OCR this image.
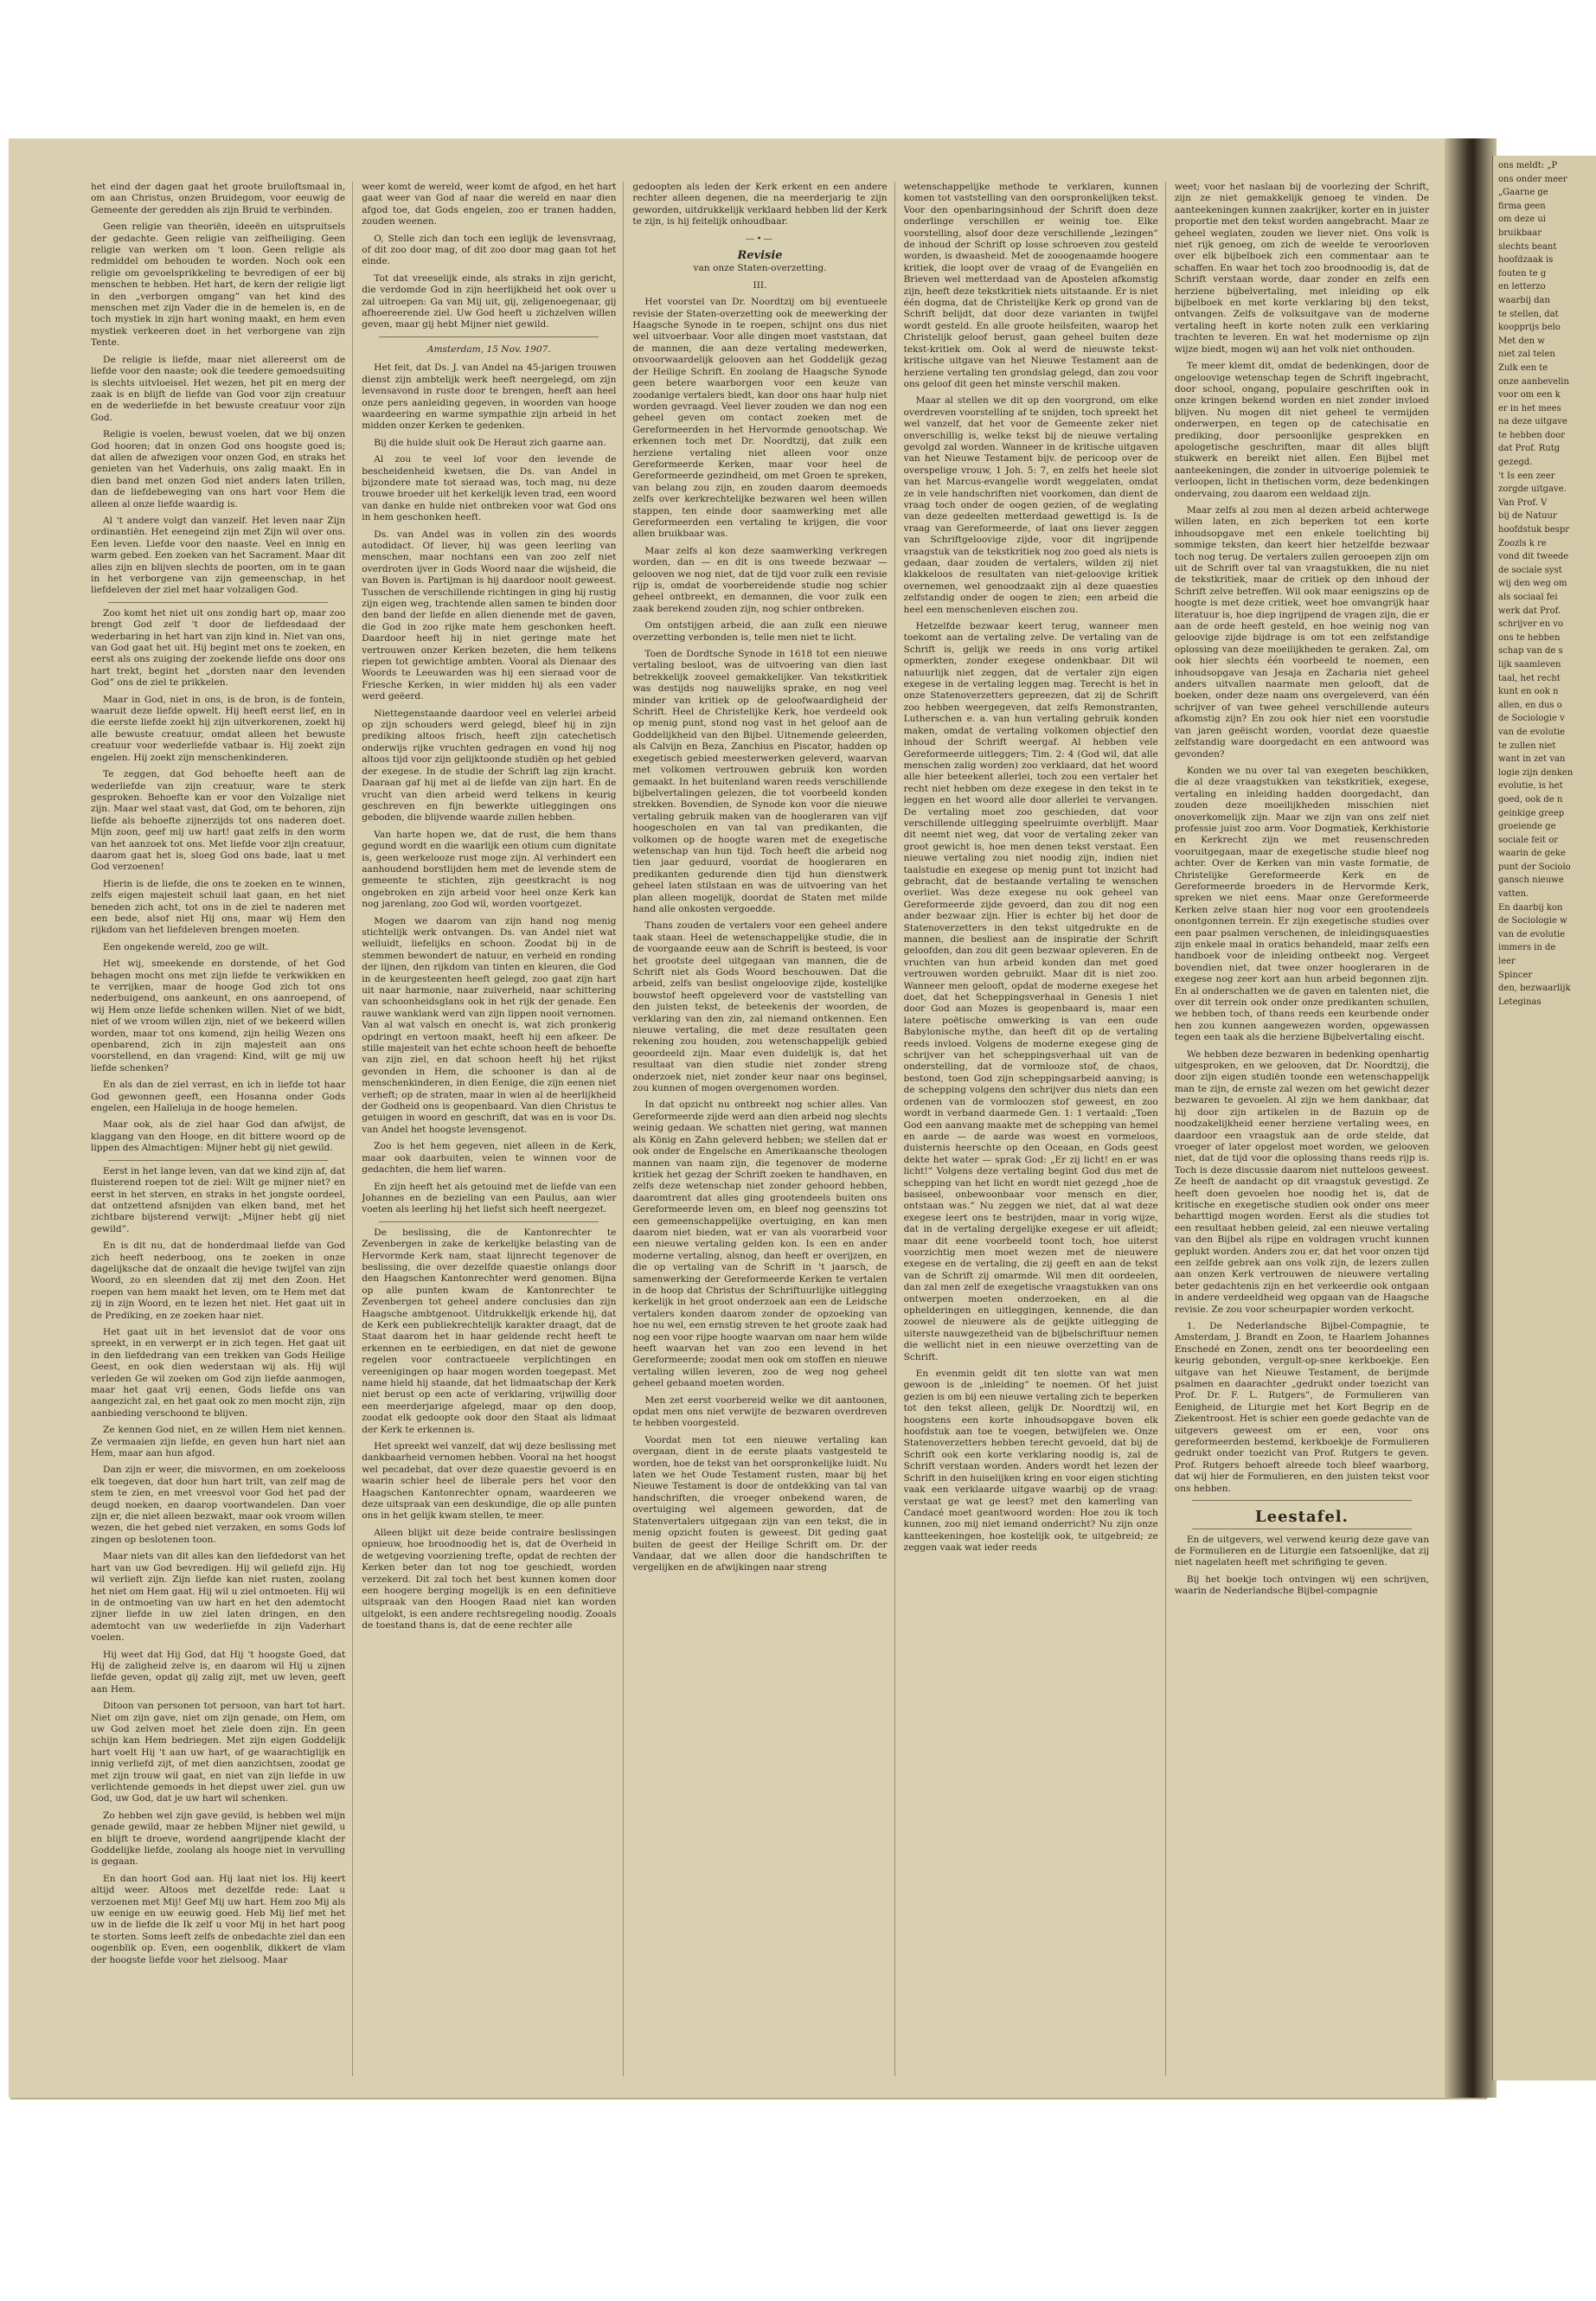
ons meldt: „P

ons onder meer

„Gaarne ge

firma geen

om deze ui

bruikbaar

slechts beant

hoofdzaak is

fouten te g

en letterzo

waarbij dan

te stellen, dat

koopprijs belo

Met den w

niet zal telen

Zulk een te

onze aanbevelin

voor om een k

er in het mees

na deze uitgave

te hebben door

dat Prof. Rutg

gezegd.

't Is een zeer

zorgde uitgave.

Van Prof. V

bij de Natuur

hoofdstuk bespr

Zoozls k re

vond dit tweede

de sociale syst

wij den weg om

als sociaal fei

werk dat Prof.

schrijver en vo

ons te hebben

schap van de s

lijk saamleven

taal, het recht

kunt en ook n

allen, en dus o

de Sociologie v

van de evolutie

te zullen niet

want in zet van

logie zijn denken

evolutie, is het

goed, ook de n

geinkige greep

groeiende ge

sociale feit or

waarin de geke

punt der Sociolo

gansch nieuwe

vatten.

En daarbij kon

de Sociologie w

van de evolutie

immers in de

leer

Spincer

den, bezwaarlijk

Leteginas

het eind der dagen gaat het groote bruiloftsmaal in, om aan Christus, onzen Bruidegom, voor eeuwig de Gemeente der geredden als zijn Bruid te verbinden.

Geen religie van theoriën, ideeën en uitspruitsels der gedachte. Geen religie van zelfheiliging. Geen religie van werken om 't loon. Geen religie als redmiddel om behouden te worden. Noch ook een religie om gevoelsprikkeling te bevredigen of eer bij menschen te hebben. Het hart, de kern der religie ligt in den „verborgen omgang” van het kind des menschen met zijn Vader die in de hemelen is, en de toch mystiek in zijn hart woning maakt, en hem even mystiek verkeeren doet in het verborgene van zijn Tente.

De religie is liefde, maar niet allereerst om de liefde voor den naaste; ook die teedere gemoedsuiting is slechts uitvloeisel. Het wezen, het pit en merg der zaak is en blijft de liefde van God voor zijn creatuur en de wederliefde in het bewuste creatuur voor zijn God.

Religie is voelen, bewust voelen, dat we bij onzen God hooren; dat in onzen God ons hoogste goed is; dat allen de afwezigen voor onzen God, en straks het genieten van het Vaderhuis, ons zalig maakt. En in dien band met onzen God niet anders laten trillen, dan de liefdebeweging van ons hart voor Hem die alleen al onze liefde waardig is.

Al 't andere volgt dan vanzelf. Het leven naar Zijn ordinantiën. Het eenegeind zijn met Zijn wil over ons. Een leven. Liefde voor den naaste. Veel en innig en warm gebed. Een zoeken van het Sacrament. Maar dit alles zijn en blijven slechts de poorten, om in te gaan in het verborgene van zijn gemeenschap, in het liefdeleven der ziel met haar volzaligen God.

Zoo komt het niet uit ons zondig hart op, maar zoo brengt God zelf 't door de liefdesdaad der wederbaring in het hart van zijn kind in. Niet van ons, van God gaat het uit. Hij begint met ons te zoeken, en eerst als ons zuiging der zoekende liefde ons door ons hart trekt, begint het „dorsten naar den levenden God” ons de ziel te prikkelen.

Maar in God, niet in ons, is de bron, is de fontein, waaruit deze liefde opwelt. Hij heeft eerst lief, en in die eerste liefde zoekt hij zijn uitverkorenen, zoekt hij alle bewuste creatuur, omdat alleen het bewuste creatuur voor wederliefde vatbaar is. Hij zoekt zijn engelen. Hij zoekt zijn menschenkinderen.

Te zeggen, dat God behoefte heeft aan de wederliefde van zijn creatuur, ware te sterk gesproken. Behoefte kan er voor den Volzalige niet zijn. Maar wel staat vast, dat God, om te behoren, zijn liefde als behoefte zijnerzijds tot ons naderen doet. Mijn zoon, geef mij uw hart! gaat zelfs in den worm van het aanzoek tot ons. Met liefde voor zijn creatuur, daarom gaat het is, sloeg God ons bade, laat u met God verzoenen!

Hierin is de liefde, die ons te zoeken en te winnen, zelfs eigen majesteit schuil laat gaan, en het niet beneden zich acht, tot ons in de ziel te naderen met een bede, alsof niet Hij ons, maar wij Hem den rijkdom van het liefdeleven brengen moeten.

Een ongekende wereld, zoo ge wilt.

Het wij, smeekende en dorstende, of het God behagen mocht ons met zijn liefde te verkwikken en te verrijken, maar de hooge God zich tot ons nederbuigend, ons aankeunt, en ons aanroepend, of wij Hem onze liefde schenken willen. Niet of we bidt, niet of we vroom willen zijn, niet of we bekeerd willen worden, maar tot ons komend, zijn heilig Wezen ons openbarend, zich in zijn majesteit aan ons voorstellend, en dan vragend: Kind, wilt ge mij uw liefde schenken?

En als dan de ziel verrast, en ich in liefde tot haar God gewonnen geeft, een Hosanna onder Gods engelen, een Halleluja in de hooge hemelen.

Maar ook, als de ziel haar God dan afwijst, de klaggang van den Hooge, en dit bittere woord op de lippen des Almachtigen: Mijner hebt gij niet gewild.

Eerst in het lange leven, van dat we kind zijn af, dat fluisterend roepen tot de ziel: Wilt ge mijner niet? en eerst in het sterven, en straks in het jongste oordeel, dat ontzettend afsnijden van elken band, met het zichtbare bijsterend verwijt: „Mijner hebt gij niet gewild”.

En is dit nu, dat de honderdmaal liefde van God zich heeft nederboog, ons te zoeken in onze dagelijksche dat de onzaalt die hevige twijfel van zijn Woord, zo en sleenden dat zij met den Zoon. Het roepen van hem maakt het leven, om te Hem met dat zij in zijn Woord, en te lezen het niet. Het gaat uit in de Prediking, en ze zoeken haar niet.

Het gaat uit in het levenslot dat de voor ons spreekt, in en verwerpt er in zich tegen. Het gaat uit in den liefdedrang van een trekken van Gods Heilige Geest, en ook dien wederstaan wij als. Hij wijl verleden Ge wil zoeken om God zijn liefde aanmogen, maar het gaat vrij eenen, Gods liefde ons van aangezicht zal, en het gaat ook zo men mocht zijn, zijn aanbieding verschoond te blijven.

Ze kennen God niet, en ze willen Hem niet kennen. Ze vermaaien zijn liefde, en geven hun hart niet aan Hem, maar aan hun afgod.

Dan zijn er weer, die misvormen, en om zoekelooss elk toegeven, dat door hun hart trilt, van zelf mag de stem te zien, en met vreesvol voor God het pad der deugd noeken, en daarop voortwandelen. Dan voer zijn er, die niet alleen bezwakt, maar ook vroom willen wezen, die het gebed niet verzaken, en soms Gods lof zingen op beslotenen toon.

Maar niets van dit alles kan den liefdedorst van het hart van uw God bevredigen. Hij wil geliefd zijn. Hij wil verlieft zijn. Zijn liefde kan niet rusten, zoolang het niet om Hem gaat. Hij wil u ziel ontmoeten. Hij wil in de ontmoeting van uw hart en het den ademtocht zijner liefde in uw ziel laten dringen, en den ademtocht van uw wederliefde in zijn Vaderhart voelen.

Hij weet dat Hij God, dat Hij 't hoogste Goed, dat Hij de zaligheid zelve is, en daarom wil Hij u zijnen liefde geven, opdat gij zalig zijt, met uw leven, geeft aan Hem.

Ditoon van personen tot persoon, van hart tot hart. Niet om zijn gave, niet om zijn genade, om Hem, om uw God zelven moet het ziele doen zijn. En geen schijn kan Hem bedriegen. Met zijn eigen Goddelijk hart voelt Hij 't aan uw hart, of ge waarachtiglijk en innig verliefd zijt, of met dien aanzichtsen, zoodat ge met zijn trouw wil gaat, en niet van zijn liefde in uw verlichtende gemoeds in het diepst uwer ziel. gun uw God, uw God, dat je uw hart wil schenken.

Zo hebben wel zijn gave gevild, is hebben wel mijn genade gewild, maar ze hebben Mijner niet gewild, u en blijft te droeve, wordend aangrijpende klacht der Goddelijke liefde, zoolang als hooge niet in vervulling is gegaan.

En dan hoort God aan. Hij laat niet los. Hij keert altijd weer. Altoos met dezelfde rede: Laat u verzoenen met Mij! Geef Mij uw hart. Hem zoo Mij als uw eenige en uw eeuwig goed. Heb Mij lief met het uw in de liefde die Ik zelf u voor Mij in het hart poog te storten. Soms leeft zelfs de onbedachte ziel dan een oogenblik op. Even, een oogenblik, dikkert de vlam der hoogste liefde voor het zielsoog. Maar

weer komt de wereld, weer komt de afgod, en het hart gaat weer van God af naar die wereld en naar dien afgod toe, dat Gods engelen, zoo er tranen hadden, zouden weenen.

O, Stelle zich dan toch een ieglijk de levensvraag, of dit zoo door mag, of dit zoo door mag gaan tot het einde.

Tot dat vreeselijk einde, als straks in zijn gericht, die verdomde God in zijn heerlijkheid het ook over u zal uitroepen: Ga van Mij uit, gij, zeligenoegenaar, gij afhoereerende ziel. Uw God heeft u zichzelven willen geven, maar gij hebt Mijner niet gewild.

Amsterdam, 15 Nov. 1907.

Het feit, dat Ds. J. van Andel na 45-jarigen trouwen dienst zijn ambtelijk werk heeft neergelegd, om zijn levensavond in ruste door te brengen, heeft aan heel onze pers aanleiding gegeven, in woorden van hooge waardeering en warme sympathie zijn arbeid in het midden onzer Kerken te gedenken.

Bij die hulde sluit ook De Heraut zich gaarne aan.

Al zou te veel lof voor den levende de bescheidenheid kwetsen, die Ds. van Andel in bijzondere mate tot sieraad was, toch mag, nu deze trouwe broeder uit het kerkelijk leven trad, een woord van danke en hulde niet ontbreken voor wat God ons in hem geschonken heeft.

Ds. van Andel was in vollen zin des woords autodidact. Of liever, hij was geen leerling van menschen, maar nochtans een van zoo zelf niet overdroten ijver in Gods Woord naar die wijsheid, die van Boven is. Partijman is hij daardoor nooit geweest. Tusschen de verschillende richtingen in ging hij rustig zijn eigen weg, trachtende allen samen te binden door den band der liefde en allen dienende met de gaven, die God in zoo rijke mate hem geschonken heeft. Daardoor heeft hij in niet geringe mate het vertrouwen onzer Kerken bezeten, die hem telkens riepen tot gewichtige ambten. Vooral als Dienaar des Woords te Leeuwarden was hij een sieraad voor de Friesche Kerken, in wier midden hij als een vader werd geëerd.

Niettegenstaande daardoor veel en velerlei arbeid op zijn schouders werd gelegd, bleef hij in zijn prediking altoos frisch, heeft zijn catechetisch onderwijs rijke vruchten gedragen en vond hij nog altoos tijd voor zijn gelijktoonde studiën op het gebied der exegese. In de studie der Schrift lag zijn kracht. Daaraan gaf hij met al de liefde van zijn hart. En de vrucht van dien arbeid werd telkens in keurig geschreven en fijn bewerkte uitleggingen ons geboden, die blijvende waarde zullen hebben.

Van harte hopen we, dat de rust, die hem thans gegund wordt en die waarlijk een otium cum dignitate is, geen werkelooze rust moge zijn. Al verhindert een aanhoudend borstlijden hem met de levende stem de gemeente te stichten, zijn geestkracht is nog ongebroken en zijn arbeid voor heel onze Kerk kan nog jarenlang, zoo God wil, worden voortgezet.

Mogen we daarom van zijn hand nog menig stichtelijk werk ontvangen. Ds. van Andel niet wat welluidt, liefelijks en schoon. Zoodat bij in de stemmen bewondert de natuur, en verheid en ronding der lijnen, den rijkdom van tinten en kleuren, die God in de keurgesteenten heeft gelegd, zoo gaat zijn hart uit naar harmonie, naar zuiverheid, naar schittering van schoonheidsglans ook in het rijk der genade. Een rauwe wanklank werd van zijn lippen nooit vernomen. Van al wat valsch en onecht is, wat zich pronkerig opdringt en vertoon maakt, heeft hij een afkeer. De stille majesteit van het echte schoon heeft de behoefte van zijn ziel, en dat schoon heeft hij het rijkst gevonden in Hem, die schooner is dan al de menschenkinderen, in dien Eenige, die zijn eenen niet verheft; op de straten, maar in wien al de heerlijkheid der Godheid ons is geopenbaard. Van dien Christus te getuigen in woord en geschrift, dat was en is voor Ds. van Andel het hoogste levensgenot.

Zoo is het hem gegeven, niet alleen in de Kerk, maar ook daarbuiten, velen te winnen voor de gedachten, die hem lief waren.

En zijn heeft het als getouind met de liefde van een Johannes en de bezieling van een Paulus, aan wier voeten als leerling hij het liefst sich heeft neergezet.

De beslissing, die de Kantonrechter te Zevenbergen in zake de kerkelijke belasting van de Hervormde Kerk nam, staat lijnrecht tegenover de beslissing, die over dezelfde quaestie onlangs door den Haagschen Kantonrechter werd genomen. Bijna op alle punten kwam de Kantonrechter te Zevenbergen tot geheel andere conclusies dan zijn Haagsche ambtgenoot. Uitdrukkelijk erkende hij, dat de Kerk een publiekrechtelijk karakter draagt, dat de Staat daarom het in haar geldende recht heeft te erkennen en te eerbiedigen, en dat niet de gewone regelen voor contractueele verplichtingen en vereenigingen op haar mogen worden toegepast. Met name hield hij staande, dat het lidmaatschap der Kerk niet berust op een acte of verklaring, vrijwillig door een meerderjarige afgelegd, maar op den doop, zoodat elk gedoopte ook door den Staat als lidmaat der Kerk te erkennen is.

Het spreekt wel vanzelf, dat wij deze beslissing met dankbaarheid vernomen hebben. Vooral na het hoogst wel pecadebat, dat over deze quaestie gevoerd is en waarin schier heel de liberale pers het voor den Haagschen Kantonrechter opnam, waardeeren we deze uitspraak van een deskundige, die op alle punten ons in het gelijk kwam stellen, te meer.

Alleen blijkt uit deze beide contraire beslissingen opnieuw, hoe broodnoodig het is, dat de Overheid in de wetgeving voorziening trefte, opdat de rechten der Kerken beter dan tot nog toe geschiedt, worden verzekerd. Dit zal toch het best kunnen komen door een hoogere berging mogelijk is en een definitieve uitspraak van den Hoogen Raad niet kan worden uitgelokt, is een andere rechtsregeling noodig. Zooals de toestand thans is, dat de eene rechter alle

gedoopten als leden der Kerk erkent en een andere rechter alleen degenen, die na meerderjarig te zijn geworden, uitdrukkelijk verklaard hebben lid der Kerk te zijn, is hij feitelijk onhoudbaar.

—•—
Revisie
van onze Staten-overzetting.
III.

Het voorstel van Dr. Noordtzij om bij eventueele revisie der Staten-overzetting ook de meewerking der Haagsche Synode in te roepen, schijnt ons dus niet wel uitvoerbaar. Voor alle dingen moet vaststaan, dat de mannen, die aan deze vertaling medewerken, onvoorwaardelijk gelooven aan het Goddelijk gezag der Heilige Schrift. En zoolang de Haagsche Synode geen betere waarborgen voor een keuze van zoodanige vertalers biedt, kan door ons haar hulp niet worden gevraagd. Veel liever zouden we dan nog een geheel geven om contact zoeken met de Gereformeerden in het Hervormde genootschap. We erkennen toch met Dr. Noordtzij, dat zulk een herziene vertaling niet alleen voor onze Gereformeerde Kerken, maar voor heel de Gereformeerde gezindheid, om met Groen te spreken, van belang zou zijn, en zouden daarom deemoeds zelfs over kerkrechtelijke bezwaren wel heen willen stappen, ten einde door saamwerking met alle Gereformeerden een vertaling te krijgen, die voor allen bruikbaar was.

Maar zelfs al kon deze saamwerking verkregen worden, dan — en dit is ons tweede bezwaar — gelooven we nog niet, dat de tijd voor zulk een revisie rijp is, omdat de voorbereidende studie nog schier geheel ontbreekt, en demannen, die voor zulk een zaak berekend zouden zijn, nog schier ontbreken.

Om ontstijgen arbeid, die aan zulk een nieuwe overzetting verbonden is, telle men niet te licht.

Toen de Dordtsche Synode in 1618 tot een nieuwe vertaling besloot, was de uitvoering van dien last betrekkelijk zooveel gemakkelijker. Van tekstkritiek was destijds nog nauwelijks sprake, en nog veel minder van kritiek op de geloofwaardigheid der Schrift. Heel de Christelijke Kerk, hoe verdeeld ook op menig punt, stond nog vast in het geloof aan de Goddelijkheid van den Bijbel. Uitnemende geleerden, als Calvijn en Beza, Zanchius en Piscator, hadden op exegetisch gebied meesterwerken geleverd, waarvan met volkomen vertrouwen gebruik kon worden gemaakt. In het buitenland waren reeds verschillende bijbelvertalingen gelezen, die tot voorbeeld konden strekken. Bovendien, de Synode kon voor die nieuwe vertaling gebruik maken van de hoogleraren van vijf hoogescholen en van tal van predikanten, die volkomen op de hoogte waren met de exegetische wetenschap van hun tijd. Toch heeft die arbeid nog tien jaar geduurd, voordat de hoogleraren en predikanten gedurende dien tijd hun dienstwerk geheel laten stilstaan en was de uitvoering van het plan alleen mogelijk, doordat de Staten met milde hand alle onkosten vergoedde.

Thans zouden de vertalers voor een geheel andere taak staan. Heel de wetenschappelijke studie, die in de voorgaande eeuw aan de Schrift is besteed, is voor het grootste deel uitgegaan van mannen, die de Schrift niet als Gods Woord beschouwen. Dat die arbeid, zelfs van beslist ongeloovige zijde, kostelijke bouwstof heeft opgeleverd voor de vaststelling van den juisten tekst, de beteekenis der woorden, de verklaring van den zin, zal niemand ontkennen. Een nieuwe vertaling, die met deze resultaten geen rekening zou houden, zou wetenschappelijk gebied geoordeeld zijn. Maar even duidelijk is, dat het resultaat van dien studie niet zonder streng onderzoek niet, niet zonder keur naar ons beginsel, zou kunnen of mogen overgenomen worden.

In dat opzicht nu ontbreekt nog schier alles. Van Gereformeerde zijde werd aan dien arbeid nog slechts weinig gedaan. We schatten niet gering, wat mannen als König en Zahn geleverd hebben; we stellen dat er ook onder de Engelsche en Amerikaansche theologen mannen van naam zijn, die tegenover de moderne kritiek het gezag der Schrift zoeken te handhaven, en zelfs deze wetenschap niet zonder gehoord hebben, daaromtrent dat alles ging grootendeels buiten ons Gereformeerde leven om, en bleef nog geenszins tot een gemeenschappelijke overtuiging, en kan men daarom niet bieden, wat er van als voorarbeid voor een nieuwe vertaling gelden kon. Is een en ander moderne vertaling, alsnog, dan heeft er overijzen, en die op vertaling van de Schrift in 't jaarsch, de samenwerking der Gereformeerde Kerken te vertalen in de hoop dat Christus der Schriftuurlijke uitlegging kerkelijk in het groot onderzoek aan een de Leidsche vertalers konden daarom zonder de opzoeking van hoe nu wel, een ernstig streven te het groote zaak had nog een voor rijpe hoogte waarvan om naar hem wilde heeft waarvan het van zoo een levend in het Gereformeerde; zoodat men ook om stoffen en nieuwe vertaling willen leveren, zoo de weg nog geheel geheel gebaand moeten worden.

Men zet eerst voorbereid welke we dit aantoonen, opdat men ons niet verwijte de bezwaren overdreven te hebben voorgesteld.

Voordat men tot een nieuwe vertaling kan overgaan, dient in de eerste plaats vastgesteld te worden, hoe de tekst van het oorspronkelijke luidt. Nu laten we het Oude Testament rusten, maar bij het Nieuwe Testament is door de ontdekking van tal van handschriften, die vroeger onbekend waren, de overtuiging wel algemeen geworden, dat de Statenvertalers uitgegaan zijn van een tekst, die in menig opzicht fouten is geweest. Dit geding gaat buiten de geest der Heilige Schrift om. Dr. der Vandaar, dat we allen door die handschriften te vergelijken en de afwijkingen naar streng

wetenschappelijke methode te verklaren, kunnen komen tot vaststelling van den oorspronkelijken tekst. Voor den openbaringsinhoud der Schrift doen deze onderlinge verschillen er weinig toe. Elke voorstelling, alsof door deze verschillende „lezingen” de inhoud der Schrift op losse schroeven zou gesteld worden, is dwaasheid. Met de zooogenaamde hoogere kritiek, die loopt over de vraag of de Evangeliën en Brieven wel metterdaad van de Apostelen afkomstig zijn, heeft deze tekstkritiek niets uitstaande. Er is niet één dogma, dat de Christelijke Kerk op grond van de Schrift belijdt, dat door deze varianten in twijfel wordt gesteld. En alle groote heilsfeiten, waarop het Christelijk geloof berust, gaan geheel buiten deze tekst-kritiek om. Ook al werd de nieuwste tekst-kritische uitgave van het Nieuwe Testament aan de herziene vertaling ten grondslag gelegd, dan zou voor ons geloof dit geen het minste verschil maken.

Maar al stellen we dit op den voorgrond, om elke overdreven voorstelling af te snijden, toch spreekt het wel vanzelf, dat het voor de Gemeente zeker niet onverschillig is, welke tekst bij de nieuwe vertaling gevolgd zal worden. Wanneer in de kritische uitgaven van het Nieuwe Testament bijv. de pericoop over de overspelige vrouw, 1 Joh. 5: 7, en zelfs het heele slot van het Marcus-evangelie wordt weggelaten, omdat ze in vele handschriften niet voorkomen, dan dient de vraag toch onder de oogen gezien, of de weglating van deze gedeelten metterdaad gewettigd is. Is de vraag van Gereformeerde, of laat ons liever zeggen van Schriftgeloovige zijde, voor dit ingrijpende vraagstuk van de tekstkritiek nog zoo goed als niets is gedaan, daar zouden de vertalers, wilden zij niet klakkeloos de resultaten van niet-geloovige kritiek overnemen, wel genoodzaakt zijn al deze quaesties zelfstandig onder de oogen te zien; een arbeid die heel een menschenleven eischen zou.

Hetzelfde bezwaar keert terug, wanneer men toekomt aan de vertaling zelve. De vertaling van de Schrift is, gelijk we reeds in ons vorig artikel opmerkten, zonder exegese ondenkbaar. Dit wil natuurlijk niet zeggen, dat de vertaler zijn eigen exegese in de vertaling leggen mag. Terecht is het in onze Statenoverzetters gepreezen, dat zij de Schrift zoo hebben weergegeven, dat zelfs Remonstranten, Lutherschen e. a. van hun vertaling gebruik konden maken, omdat de vertaling volkomen objectief den inhoud der Schrift weergaf. Al hebben vele Gereformeerde uitleggers; Tim. 2: 4 (God wil, dat alle menschen zalig worden) zoo verklaard, dat het woord alle hier beteekent allerlei, toch zou een vertaler het recht niet hebben om deze exegese in den tekst in te leggen en het woord alle door allerlei te vervangen. De vertaling moet zoo geschieden, dat voor verschillende uitlegging speelruimte overblijft. Maar dit neemt niet weg, dat voor de vertaling zeker van groot gewicht is, hoe men denen tekst verstaat. Een nieuwe vertaling zou niet noodig zijn, indien niet taalstudie en exegese op menig punt tot inzicht had gebracht, dat de bestaande vertaling te wenschen overliet. Was deze exegese nu ook geheel van Gereformeerde zijde gevoerd, dan zou dit nog een ander bezwaar zijn. Hier is echter bij het door de Statenoverzetters in den tekst uitgedrukte en de mannen, die besliest aan de inspiratie der Schrift geloofden, dan zou dit geen bezwaar opleveren. En de vruchten van hun arbeid konden dan met goed vertrouwen worden gebruikt. Maar dit is niet zoo. Wanneer men gelooft, opdat de moderne exegese het doet, dat het Scheppingsverhaal in Genesis 1 niet door God aan Mozes is geopenbaard is, maar een latere poëtische omwerking is van een oude Babylonische mythe, dan heeft dit op de vertaling reeds invloed. Volgens de moderne exegese ging de schrijver van het scheppingsverhaal uit van de onderstelling, dat de vormlooze stof, de chaos, bestond, toen God zijn scheppingsarbeid aanving; is de schepping volgens den schrijver dus niets dan een ordenen van de vormloozen stof geweest, en zoo wordt in verband daarmede Gen. 1: 1 vertaald: „Toen God een aanvang maakte met de schepping van hemel en aarde — de aarde was woest en vormeloos, duisternis heerschte op den Oceaan, en Gods geest dekte het water — sprak God: „Er zij licht! en er was licht!” Volgens deze vertaling begint God dus met de schepping van het licht en wordt niet gezegd „hoe de basiseel, onbewoonbaar voor mensch en dier, ontstaan was.” Nu zeggen we niet, dat al wat deze exegese leert ons te bestrijden, maar in vorig wijze, dat in de vertaling dergelijke exegese er uit afleidt; maar dit eene voorbeeld toont toch, hoe uiterst voorzichtig men moet wezen met de nieuwere exegese en de vertaling, die zij geeft en aan de tekst van de Schrift zij omarmde. Wil men dit oordeelen, dan zal men zelf de exegetische vraagstukken van ons ontwerpen moeten onderzoeken, en al die ophelderingen en uitleggingen, kennende, die dan zoowel de nieuwere als de geijkte uitlegging de uiterste nauwgezetheid van de bijbelschriftuur nemen die wellicht niet in een nieuwe overzetting van de Schrift.

En evenmin geldt dit ten slotte van wat men gewoon is de „inleiding” te noemen. Of het juist gezien is om bij een nieuwe vertaling zich te beperken tot den tekst alleen, gelijk Dr. Noordtzij wil, en hoogstens een korte inhoudsopgave boven elk hoofdstuk aan toe te voegen, betwijfelen we. Onze Statenoverzetters hebben terecht gevoeld, dat bij de Schrift ook een korte verklaring noodig is, zal de Schrift verstaan worden. Anders wordt het lezen der Schrift in den huiselijken kring en voor eigen stichting vaak een verklaarde uitgave waarbij op de vraag: verstaat ge wat ge leest? met den kamerling van Candacé moet geantwoord worden: Hoe zou ik toch kunnen, zoo mij niet iemand onderricht? Nu zijn onze kantteekeningen, hoe kostelijk ook, te uitgebreid; ze zeggen vaak wat ieder reeds

weet; voor het naslaan bij de voorlezing der Schrift, zijn ze niet gemakkelijk genoeg te vinden. De aanteekeningen kunnen zaakrijker, korter en in juister proportie met den tekst worden aangebracht. Maar ze geheel weglaten, zouden we liever niet. Ons volk is niet rijk genoeg, om zich de weelde te veroorloven over elk bijbelboek zich een commentaar aan te schaffen. En waar het toch zoo broodnoodig is, dat de Schrift verstaan worde, daar zonder en zelfs een herziene bijbelvertaling, met inleiding op elk bijbelboek en met korte verklaring bij den tekst, ontvangen. Zelfs de volksuitgave van de moderne vertaling heeft in korte noten zulk een verklaring trachten te leveren. En wat het modernisme op zijn wijze biedt, mogen wij aan het volk niet onthouden.

Te meer klemt dit, omdat de bedenkingen, door de ongeloovige wetenschap tegen de Schrift ingebracht, door school, ongang, populaire geschriften ook in onze kringen bekend worden en niet zonder invloed blijven. Nu mogen dit niet geheel te vermijden onderwerpen, en tegen op de catechisatie en prediking, door persoonlijke gesprekken en apologetische geschriften, maar dit alles blijft stukwerk en bereikt niet allen. Een Bijbel met aanteekeningen, die zonder in uitvoerige polemiek te verloopen, licht in thetischen vorm, deze bedenkingen ondervaing, zou daarom een weldaad zijn.

Maar zelfs al zou men al dezen arbeid achterwege willen laten, en zich beperken tot een korte inhoudsopgave met een enkele toelichting bij sommige teksten, dan keert hier hetzelfde bezwaar toch nog terug. De vertalers zullen gerooepen zijn om uit de Schrift over tal van vraagstukken, die nu niet de tekstkritiek, maar de critiek op den inhoud der Schrift zelve betreffen. Wil ook maar eenigszins op de hoogte is met deze critiek, weet hoe omvangrijk haar literatuur is, hoe diep ingrijpend de vragen zijn, die er aan de orde heeft gesteld, en hoe weinig nog van geloovige zijde bijdrage is om tot een zelfstandige oplossing van deze moeilijkheden te geraken. Zal, om ook hier slechts één voorbeeld te noemen, een inhoudsopgave van Jesaja en Zacharia niet geheel anders uitvallen naarmate men gelooft, dat de boeken, onder deze naam ons overgeleverd, van één schrijver of van twee geheel verschillende auteurs afkomstig zijn? En zou ook hier niet een voorstudie van jaren geëischt worden, voordat deze quaestie zelfstandig ware doorgedacht en een antwoord was gevonden?

Konden we nu over tal van exegeten beschikken, die al deze vraagstukken van tekstkritiek, exegese, vertaling en inleiding hadden doorgedacht, dan zouden deze moeilijkheden misschien niet onoverkomelijk zijn. Maar we zijn van ons zelf niet professie juist zoo arm. Voor Dogmatiek, Kerkhistorie en Kerkrecht zijn we met reusenschreden vooruitgegaan, maar de exegetische studie bleef nog achter. Over de Kerken van min vaste formatie, de Christelijke Gereformeerde Kerk en de Gereformeerde broeders in de Hervormde Kerk, spreken we niet eens. Maar onze Gereformeerde Kerken zelve staan hier nog voor een grootendeels onontgonnen terrein. Er zijn exegetische studies over een paar psalmen verschenen, de inleidingsquaesties zijn enkele maal in oratics behandeld, maar zelfs een handboek voor de inleiding ontbeekt nog. Vergeet bovendien niet, dat twee onzer hoogleraren in de exegese nog zeer kort aan hun arbeid begonnen zijn. En al onderschatten we de gaven en talenten niet, die over dit terrein ook onder onze predikanten schuilen, we hebben toch, of thans reeds een keurbende onder hen zou kunnen aangewezen worden, opgewassen tegen een taak als die herziene Bijbelvertaling eischt.

We hebben deze bezwaren in bedenking openhartig uitgesproken, en we gelooven, dat Dr. Noordtzij, die door zijn eigen studiën toonde een wetenschappelijk man te zijn, de ernste zal wezen om het gewicht dezer bezwaren te gevoelen. Al zijn we hem dankbaar, dat hij door zijn artikelen in de Bazuin op de noodzakelijkheid eener herziene vertaling wees, en daardoor een vraagstuk aan de orde stelde, dat vroeger of later opgelost moet worden, we gelooven niet, dat de tijd voor die oplossing thans reeds rijp is. Toch is deze discussie daarom niet nutteloos geweest. Ze heeft de aandacht op dit vraagstuk gevestigd. Ze heeft doen gevoelen hoe noodig het is, dat de kritische en exegetische studien ook onder ons meer beharttigd mogen worden. Eerst als die studies tot een resultaat hebben geleid, zal een nieuwe vertaling van den Bijbel als rijpe en voldragen vrucht kunnen geplukt worden. Anders zou er, dat het voor onzen tijd een zelfde gebrek aan ons volk zijn, de lezers zullen aan onzen Kerk vertrouwen de nieuwere vertaling beter gedachtenis zijn en het verkeerdie ook ontgaan in andere verdeeldheid weg opgaan van de Haagsche revisie. Ze zou voor scheurpapier worden verkocht.

1. De Nederlandsche Bijbel-Compagnie, te Amsterdam, J. Brandt en Zoon, te Haarlem Johannes Enschedé en Zonen, zendt ons ter beoordeeling een keurig gebonden, vergult-op-snee kerkboekje. Een uitgave van het Nieuwe Testament, de berijmde psalmen en daarachter „gedrukt onder toezicht van Prof. Dr. F. L. Rutgers”, de Formulieren van Eenigheid, de Liturgie met het Kort Begrip en de Ziekentroost. Het is schier een goede gedachte van de uitgevers geweest om er een, voor ons gereformeerden bestemd, kerkboekje de Formulieren gedrukt onder toezicht van Prof. Rutgers te geven. Prof. Rutgers behoeft alreede toch bleef waarborg, dat wij hier de Formulieren, en den juisten tekst voor ons hebben.

Leestafel.

En de uitgevers, wel verwend keurig deze gave van de Formulieren en de Liturgie een fatsoenlijke, dat zij niet nagelaten heeft met schrifiging te geven.

Bij het boekje toch ontvingen wij een schrijven, waarin de Nederlandsche Bijbel-compagnie
